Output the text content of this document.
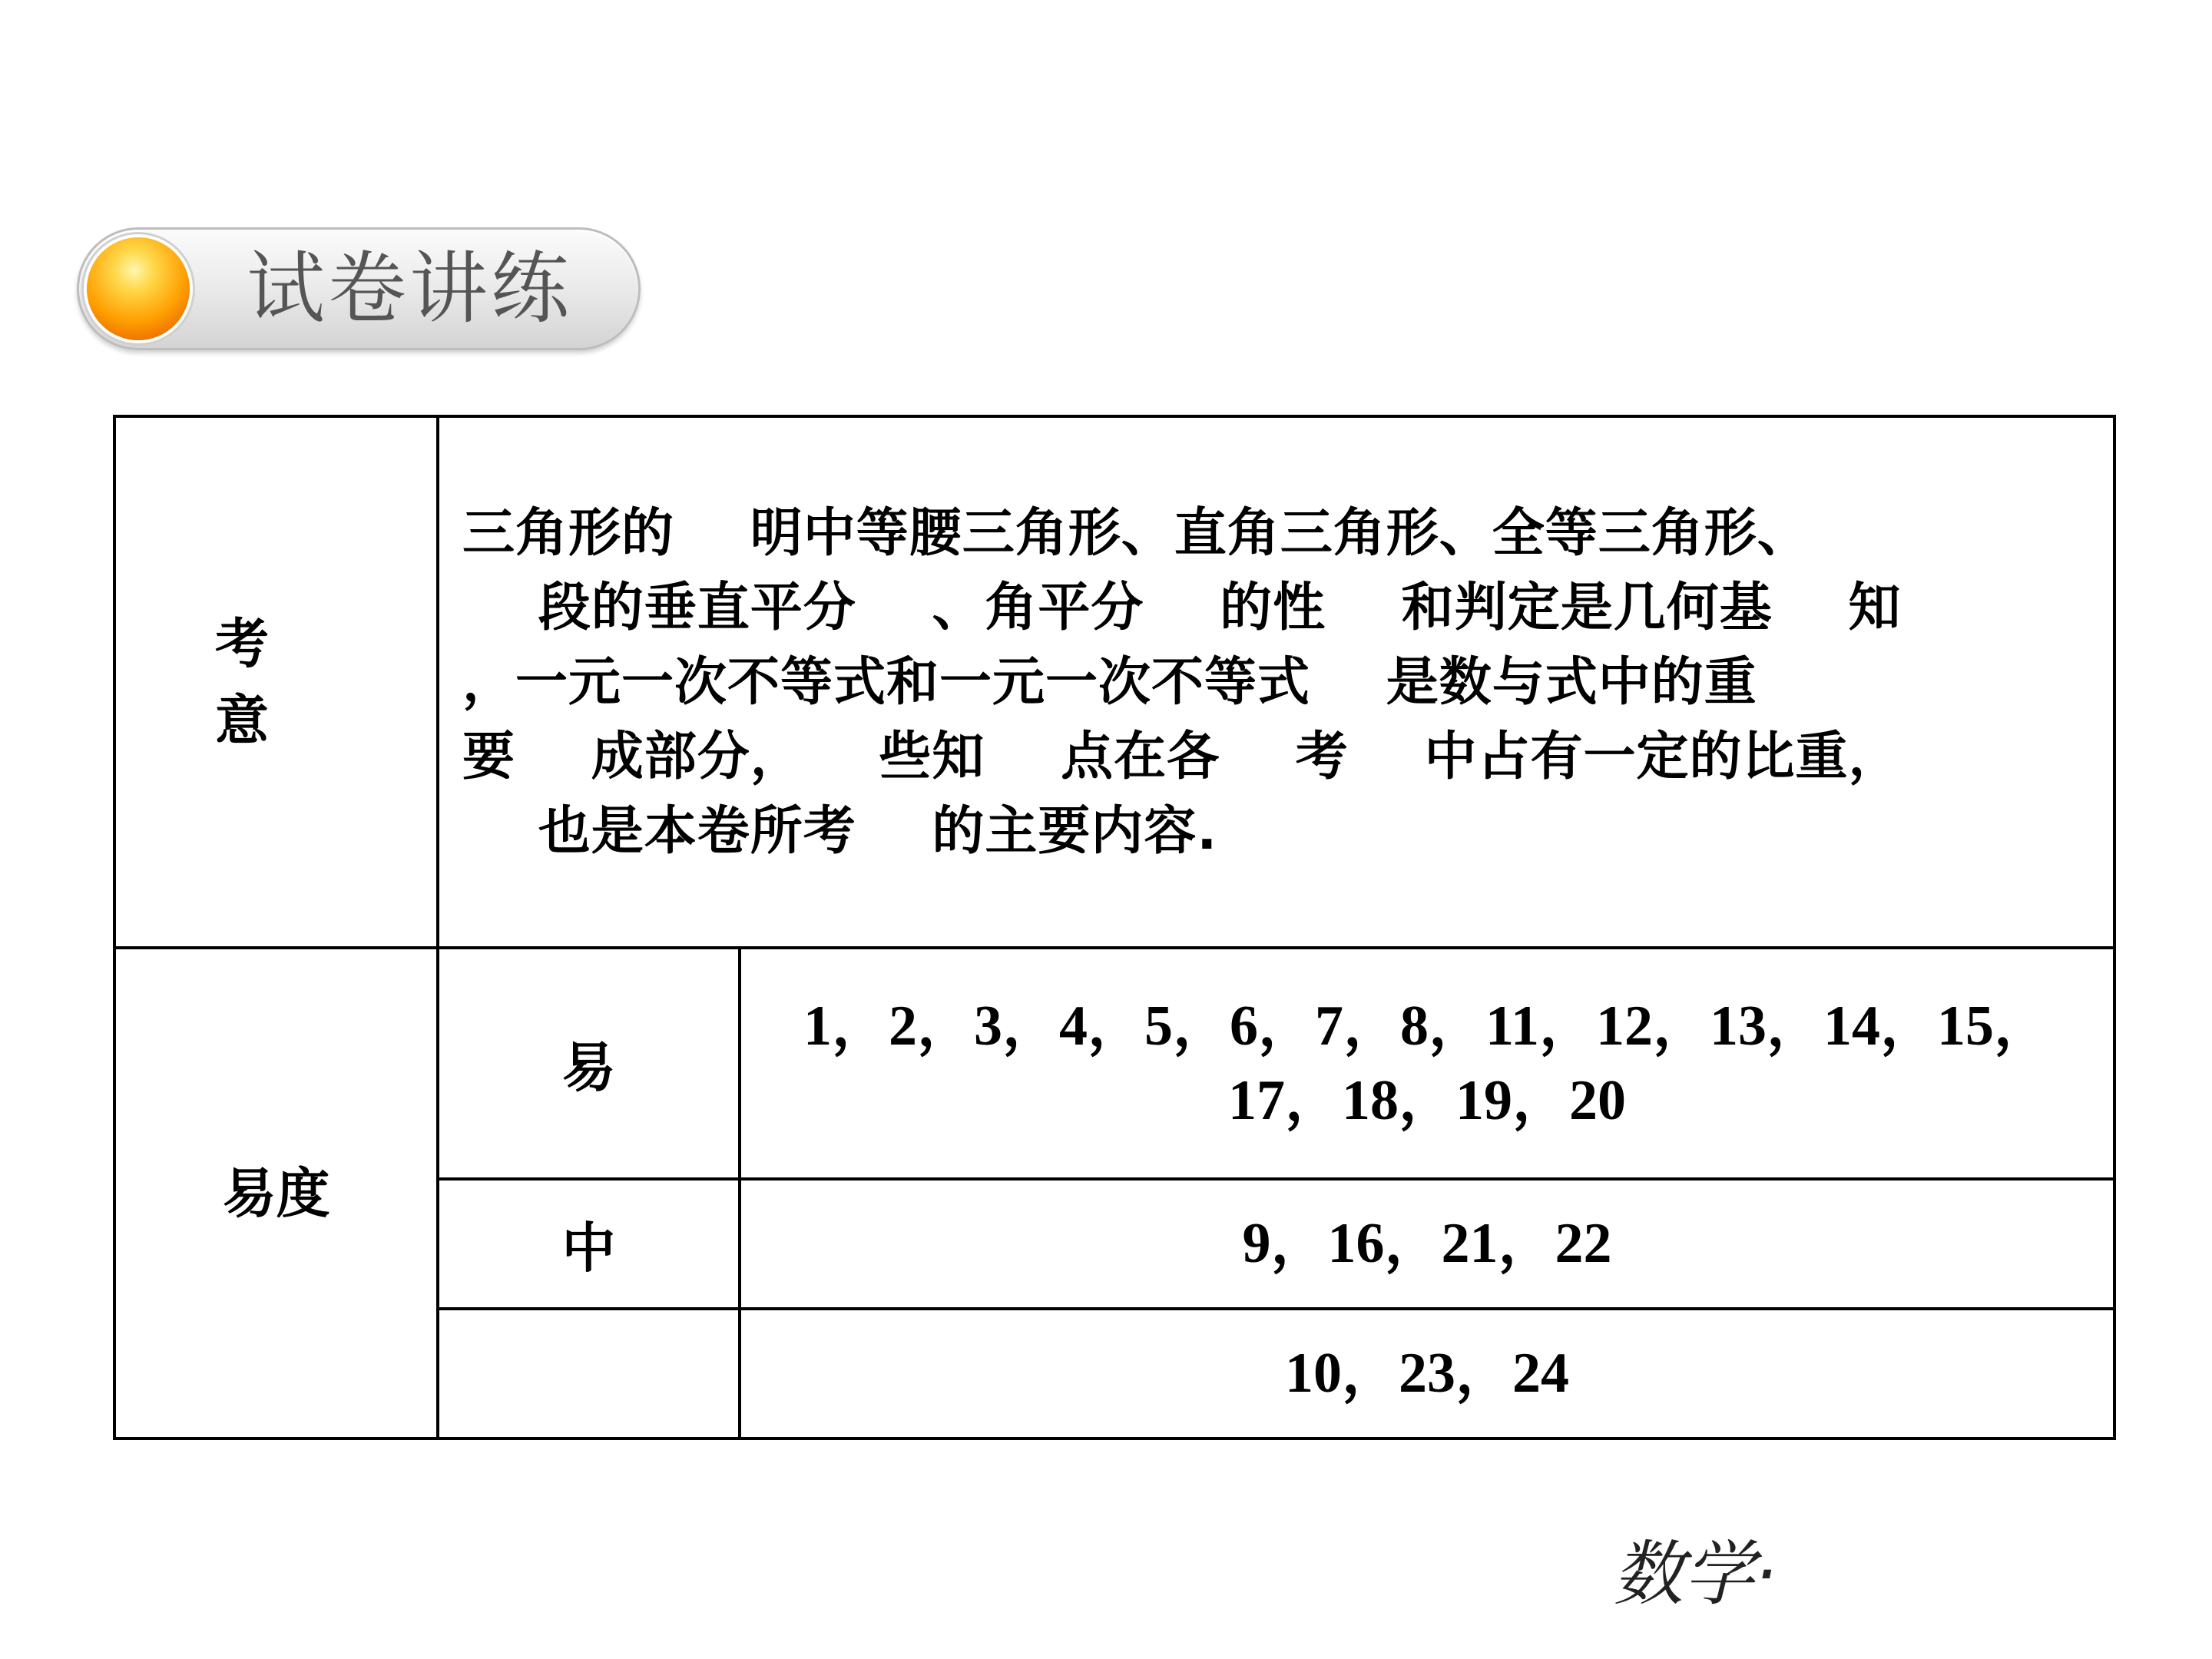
试卷讲练
考意	三角形的    明中等腰三角形、直角三角形、全等三角形、
段的垂直平分    、角平分    的性    和判定是几何基    知
，一元一次不等式和一元一次不等式    是数与式中的重
要    成部分，    些知    点在各    考    中占有一定的比重，
也是本卷所考    的主要内容.	

易度	易	1，2，3，4，5，6，7，8，11，12，13，14，15，17，18，19，20
	中	9，16，21，22
		10，23，24
数学·
